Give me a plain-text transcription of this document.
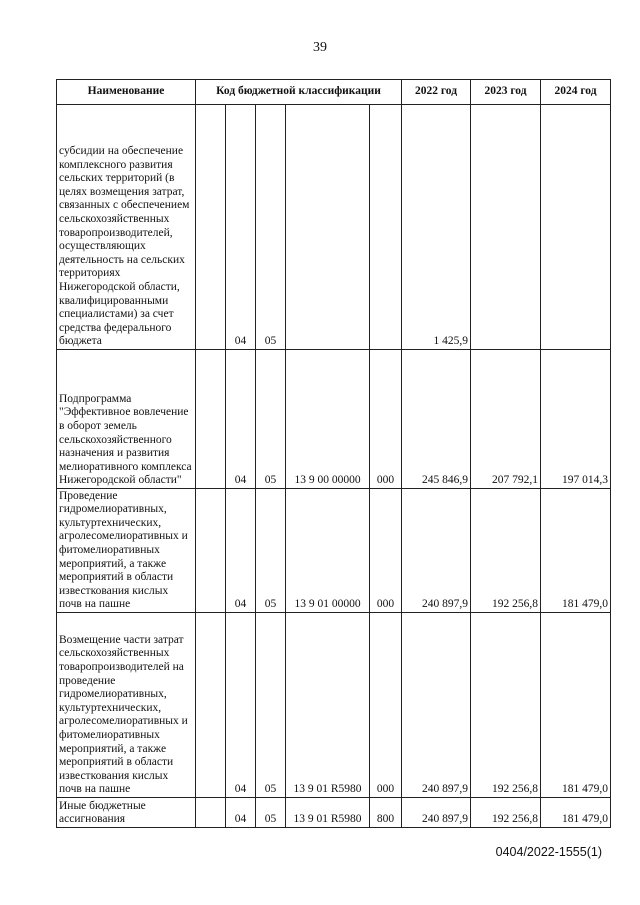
39
Наименование	Код бюджетной классификации					2022 год	2023 год	2024 год
субсидии на обеспечение комплексного развития сельских территорий (в целях возмещения затрат, связанных с обеспечением сельскохозяйственных товаропроизводителей, осуществляющих деятельность на сельских территориях Нижегородской области, квалифицированными специалистами) за счет средства федерального бюджета		04	05			1 425,9		
Подпрограмма "Эффективное вовлечение в оборот земель сельскохозяйственного назначения и развития мелиоративного комплекса Нижегородской области"		04	05	13 9 00 00000	000	245 846,9	207 792,1	197 014,3
Проведение гидромелиоративных, культуртехнических, агролесомелиоративных и фитомелиоративных мероприятий, а также мероприятий в области известкования кислых почв на пашне		04	05	13 9 01 00000	000	240 897,9	192 256,8	181 479,0
Возмещение части затрат сельскохозяйственных товаропроизводителей на проведение гидромелиоративных, культуртехнических, агролесомелиоративных и фитомелиоративных мероприятий, а также мероприятий в области известкования кислых почв на пашне		04	05	13 9 01 R5980	000	240 897,9	192 256,8	181 479,0
Иные бюджетные ассигнования		04	05	13 9 01 R5980	800	240 897,9	192 256,8	181 479,0
0404/2022-1555(1)
